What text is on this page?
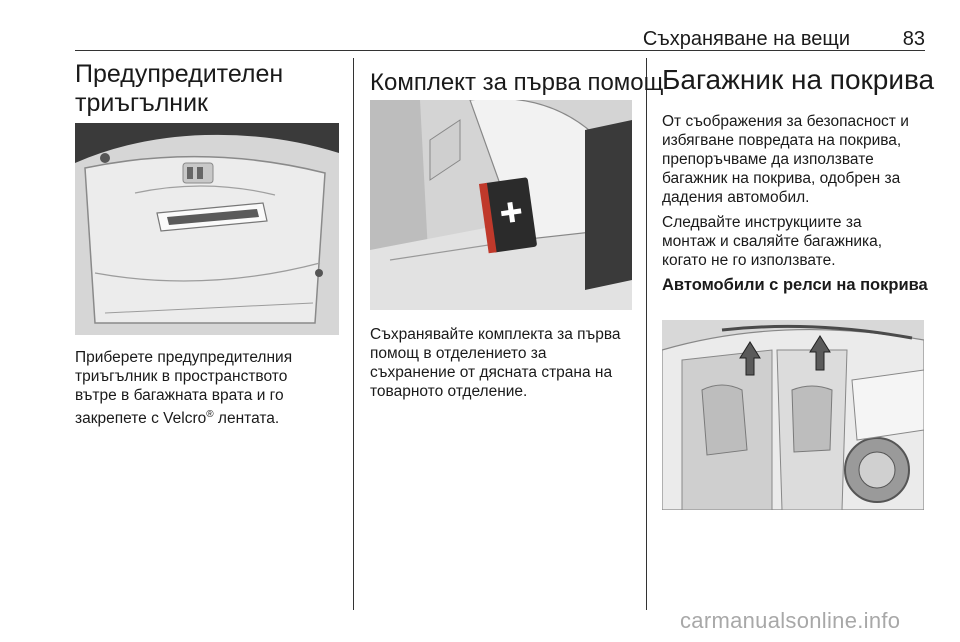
Съхраняване на вещи	83
Предупредителен
триъгълник
Приберете предупредителния
триъгълник в пространството
вътре в багажната врата и го
закрепете с Velcro® лентата.
Комплект за първа помощ
Съхранявайте комплекта за първа
помощ в отделението за
съхранение от дясната страна на
товарното отделение.
Багажник на покрива
От съображения за безопасност и
избягване повредата на покрива,
препоръчваме да използвате
багажник на покрива, одобрен за
дадения автомобил.
Следвайте инструкциите за
монтаж и сваляйте багажника,
когато не го използвате.
Автомобили с релси на покрива
carmanualsonline.info
